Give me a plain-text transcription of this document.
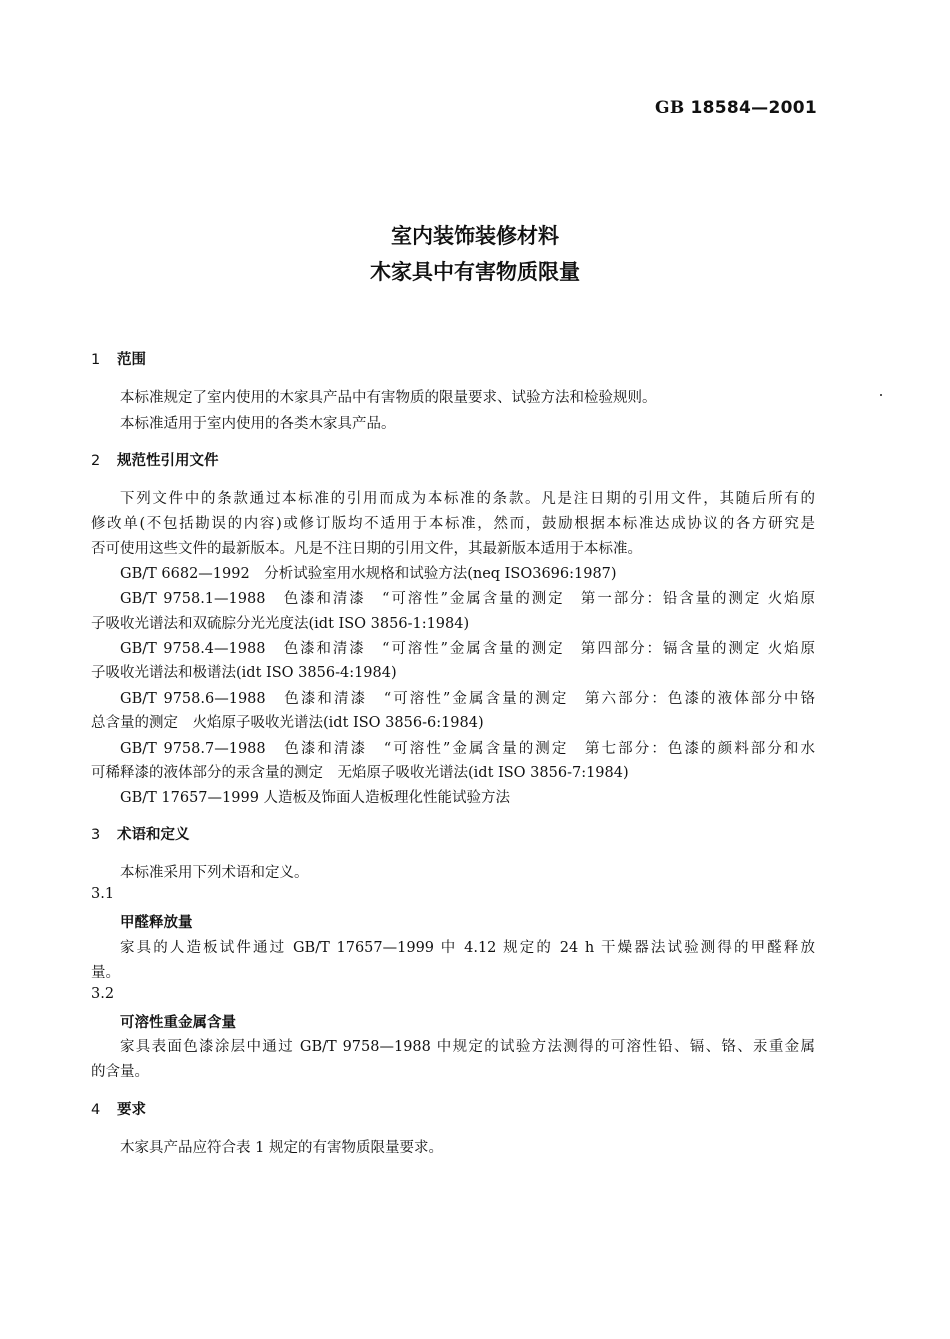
GB 18584—2001
室内装饰装修材料
木家具中有害物质限量
1 范围
本标准规定了室内使用的木家具产品中有害物质的限量要求、试验方法和检验规则。
本标准适用于室内使用的各类木家具产品。
2 规范性引用文件
下列文件中的条款通过本标准的引用而成为本标准的条款。凡是注日期的引用文件，其随后所有的
修改单(不包括勘误的内容)或修订版均不适用于本标准，然而，鼓励根据本标准达成协议的各方研究是
否可使用这些文件的最新版本。凡是不注日期的引用文件，其最新版本适用于本标准。
GB/T 6682—1992　分析试验室用水规格和试验方法(neq ISO3696:1987)
GB/T 9758.1—1988　色漆和清漆　“可溶性”金属含量的测定　第一部分：铅含量的测定 火焰原
子吸收光谱法和双硫腙分光光度法(idt ISO 3856-1:1984)
GB/T 9758.4—1988　色漆和清漆　“可溶性”金属含量的测定　第四部分：镉含量的测定 火焰原
子吸收光谱法和极谱法(idt ISO 3856-4:1984)
GB/T 9758.6—1988　色漆和清漆　“可溶性”金属含量的测定　第六部分：色漆的液体部分中铬
总含量的测定　火焰原子吸收光谱法(idt ISO 3856-6:1984)
GB/T 9758.7—1988　色漆和清漆　“可溶性”金属含量的测定　第七部分：色漆的颜料部分和水
可稀释漆的液体部分的汞含量的测定　无焰原子吸收光谱法(idt ISO 3856-7:1984)
GB/T 17657—1999 人造板及饰面人造板理化性能试验方法
3 术语和定义
本标准采用下列术语和定义。
3.1
甲醛释放量
家具的人造板试件通过 GB/T 17657—1999 中 4.12 规定的 24 h 干燥器法试验测得的甲醛释放
量。
3.2
可溶性重金属含量
家具表面色漆涂层中通过 GB/T 9758—1988 中规定的试验方法测得的可溶性铅、镉、铬、汞重金属
的含量。
4 要求
木家具产品应符合表 1 规定的有害物质限量要求。
